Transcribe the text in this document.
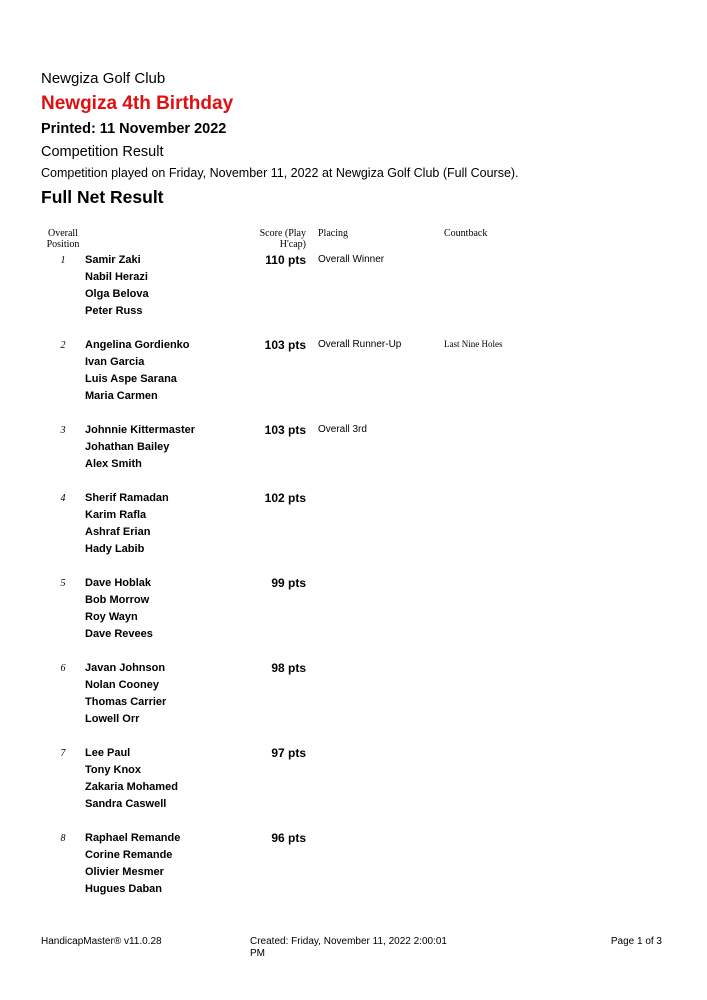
Newgiza Golf Club
Newgiza 4th Birthday
Printed: 11 November 2022
Competition Result
Competition played on Friday, November 11, 2022 at Newgiza Golf Club (Full Course).
Full Net Result
Overall Position
Score (Play H'cap)
Placing	Countback
1	Samir Zaki
Nabil Herazi
Olga Belova
Peter Russ
110 pts Overall Winner
2	Angelina Gordienko
Ivan Garcia
Luis Aspe Sarana
Maria Carmen
103 pts Overall Runner-Up	Last Nine Holes
3	Johnnie Kittermaster
Johathan Bailey
Alex Smith
103 pts Overall 3rd
4	Sherif Ramadan
Karim Rafla
Ashraf Erian
Hady Labib
102 pts
5	Dave Hoblak
Bob Morrow
Roy Wayn
Dave Revees
99 pts
6	Javan Johnson
Nolan Cooney
Thomas Carrier
Lowell Orr
98 pts
7	Lee Paul
Tony Knox
Zakaria Mohamed
Sandra Caswell
97 pts
8	Raphael Remande
Corine Remande
Olivier Mesmer
Hugues Daban
96 pts
HandicapMaster® v11.0.28	Created: Friday, November 11, 2022 2:00:01 PM
Page 1 of 3
